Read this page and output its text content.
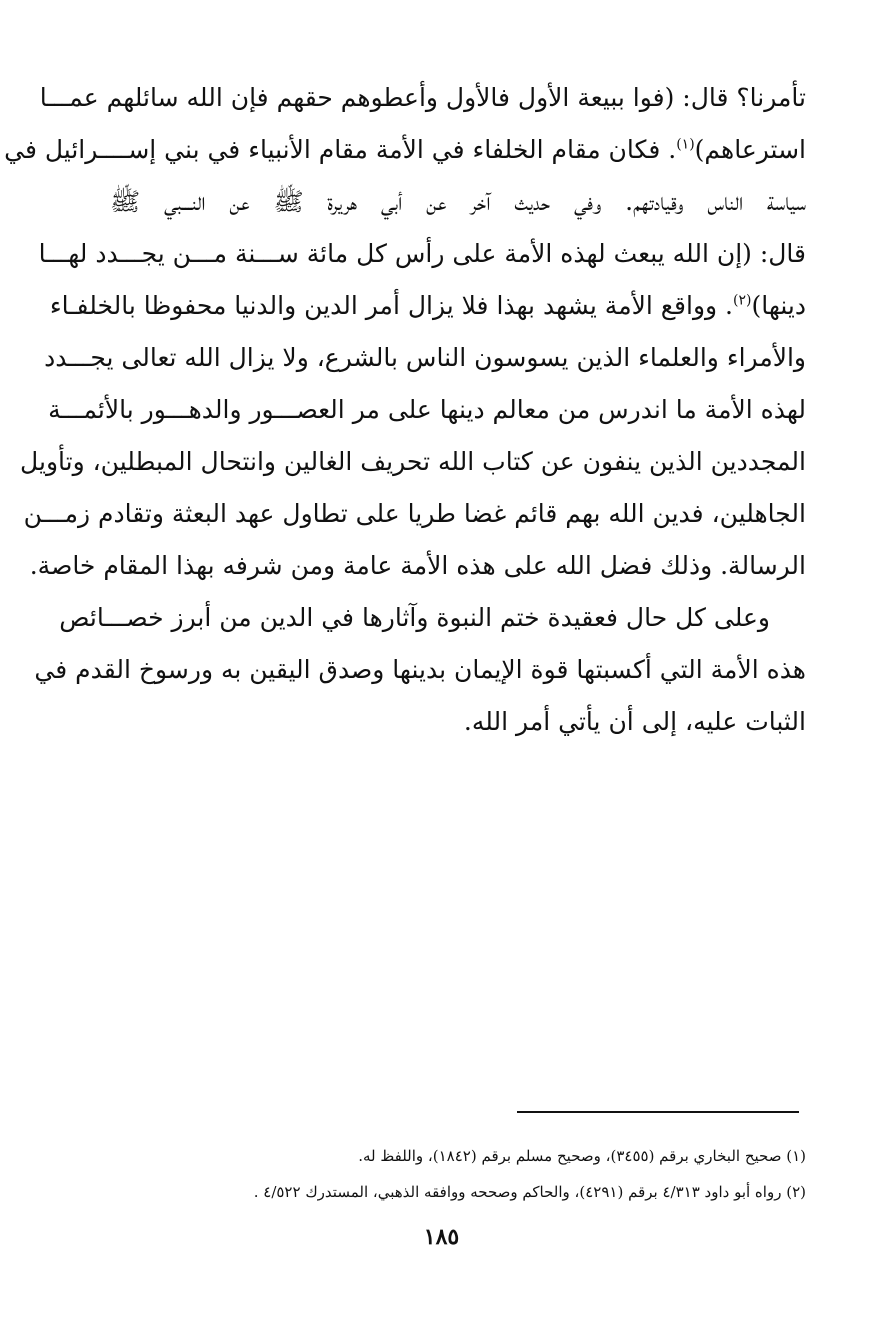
تأمرنا؟ قال: (فوا ببيعة الأول فالأول وأعطوهم حقهم فإن الله سائلهم عمـــا
استرعاهم)$^{(١)}$. فكان مقام الخلفاء في الأمة مقام الأنبياء في بني إســــرائيل في
سياسة الناس وقيادتهم. وفي حديث آخر عن أبي هريرة ﷺ عن النـــبي ﷺ
قال: (إن الله يبعث لهذه الأمة على رأس كل مائة ســـنة مـــن يجـــدد لهـــا
دينها)$^{(٢)}$. وواقع الأمة يشهد بهذا فلا يزال أمر الدين والدنيا محفوظا بالخلفـاء
والأمراء والعلماء الذين يسوسون الناس بالشرع، ولا يزال الله تعالى يجـــدد
لهذه الأمة ما اندرس من معالم دينها على مر العصـــور والدهـــور بالأئمـــة
المجددين الذين ينفون عن كتاب الله تحريف الغالين وانتحال المبطلين، وتأويل
الجاهلين، فدين الله بهم قائم غضا طريا على تطاول عهد البعثة وتقادم زمـــن
الرسالة. وذلك فضل الله على هذه الأمة عامة ومن شرفه بهذا المقام خاصة.
وعلى كل حال فعقيدة ختم النبوة وآثارها في الدين من أبرز خصـــائص
هذه الأمة التي أكسبتها قوة الإيمان بدينها وصدق اليقين به ورسوخ القدم في
الثبات عليه، إلى أن يأتي أمر الله.
(١) صحيح البخاري برقم (٣٤٥٥)، وصحيح مسلم برقم (١٨٤٢)، واللفظ له.
(٢) رواه أبو داود ٤/٣١٣ برقم (٤٢٩١)، والحاكم وصححه ووافقه الذهبي، المستدرك ٤/٥٢٢ .
١٨٥
